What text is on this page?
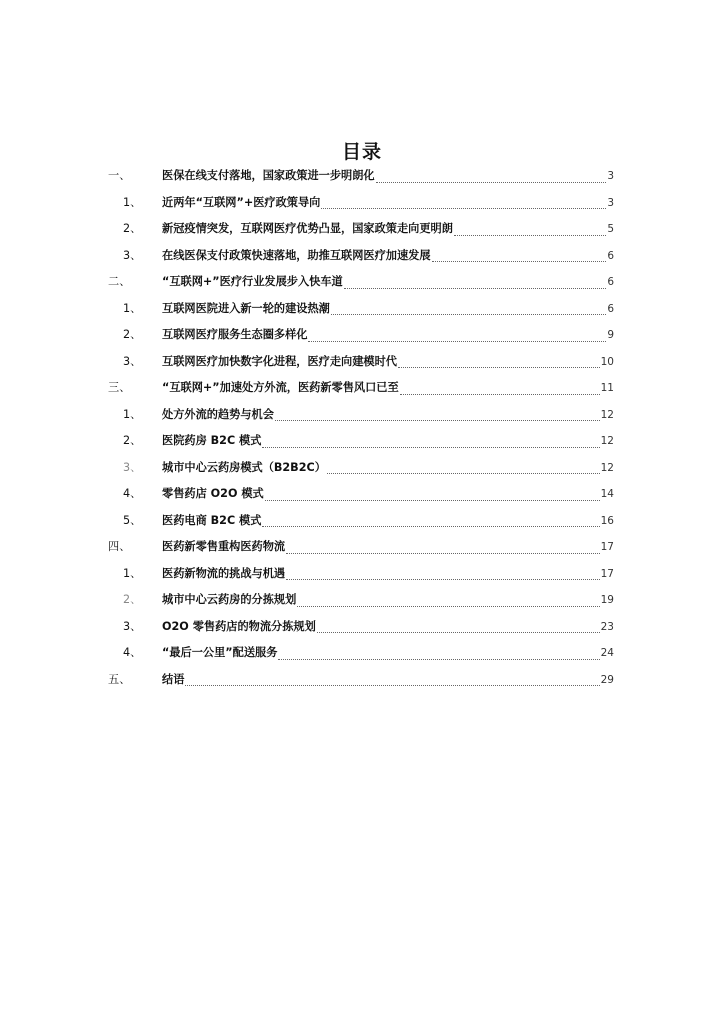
目录
一、	医保在线支付落地，国家政策进一步明朗化	3
1、	近两年“互联网”+医疗政策导向	3
2、	新冠疫情突发，互联网医疗优势凸显，国家政策走向更明朗	5
3、	在线医保支付政策快速落地，助推互联网医疗加速发展	6
二、	“互联网+”医疗行业发展步入快车道	6
1、	互联网医院进入新一轮的建设热潮	6
2、	互联网医疗服务生态圈多样化	9
3、	互联网医疗加快数字化进程，医疗走向建模时代	10
三、	“互联网+”加速处方外流，医药新零售风口已至	11
1、	处方外流的趋势与机会	12
2、	医院药房 B2C 模式	12
3、	城市中心云药房模式（B2B2C）	12
4、	零售药店 O2O 模式	14
5、	医药电商 B2C 模式	16
四、	医药新零售重构医药物流	17
1、	医药新物流的挑战与机遇	17
2、	城市中心云药房的分拣规划	19
3、	O2O 零售药店的物流分拣规划	23
4、	“最后一公里”配送服务	24
五、	结语	29
